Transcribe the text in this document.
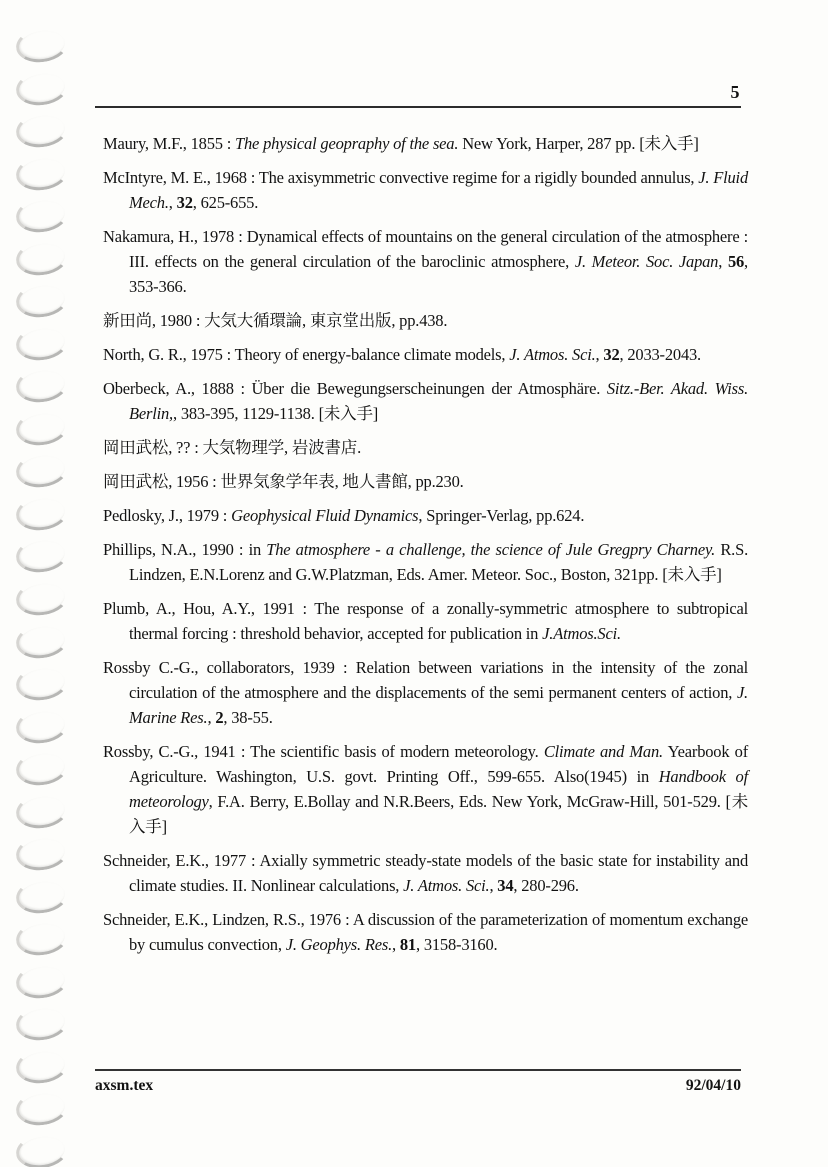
5

Maury, M.F., 1855 : The physical geopraphy of the sea. New York, Harper, 287 pp. [未入手]

McIntyre, M. E., 1968 : The axisymmetric convective regime for a rigidly bounded annulus, J. Fluid Mech., 32, 625-655.

Nakamura, H., 1978 : Dynamical effects of mountains on the general circulation of the atmosphere : III. effects on the general circulation of the baroclinic atmosphere, J. Meteor. Soc. Japan, 56, 353-366.

新田尚, 1980 : 大気大循環論, 東京堂出版, pp.438.

North, G. R., 1975 : Theory of energy-balance climate models, J. Atmos. Sci., 32, 2033-2043.

Oberbeck, A., 1888 : Über die Bewegungserscheinungen der Atmosphäre. Sitz.-Ber. Akad. Wiss. Berlin,, 383-395, 1129-1138. [未入手]

岡田武松, ?? : 大気物理学, 岩波書店.

岡田武松, 1956 : 世界気象学年表, 地人書館, pp.230.

Pedlosky, J., 1979 : Geophysical Fluid Dynamics, Springer-Verlag, pp.624.

Phillips, N.A., 1990 : in The atmosphere - a challenge, the science of Jule Gregpry Charney. R.S. Lindzen, E.N.Lorenz and G.W.Platzman, Eds. Amer. Meteor. Soc., Boston, 321pp. [未入手]

Plumb, A., Hou, A.Y., 1991 : The response of a zonally-symmetric atmosphere to subtropical thermal forcing : threshold behavior, accepted for publication in J.Atmos.Sci.

Rossby C.-G., collaborators, 1939 : Relation between variations in the intensity of the zonal circulation of the atmosphere and the displacements of the semi permanent centers of action, J. Marine Res., 2, 38-55.

Rossby, C.-G., 1941 : The scientific basis of modern meteorology. Climate and Man. Yearbook of Agriculture. Washington, U.S. govt. Printing Off., 599-655. Also(1945) in Handbook of meteorology, F.A. Berry, E.Bollay and N.R.Beers, Eds. New York, McGraw-Hill, 501-529. [未入手]

Schneider, E.K., 1977 : Axially symmetric steady-state models of the basic state for instability and climate studies. II. Nonlinear calculations, J. Atmos. Sci., 34, 280-296.

Schneider, E.K., Lindzen, R.S., 1976 : A discussion of the parameterization of momentum exchange by cumulus convection, J. Geophys. Res., 81, 3158-3160.

axsm.tex	92/04/10
